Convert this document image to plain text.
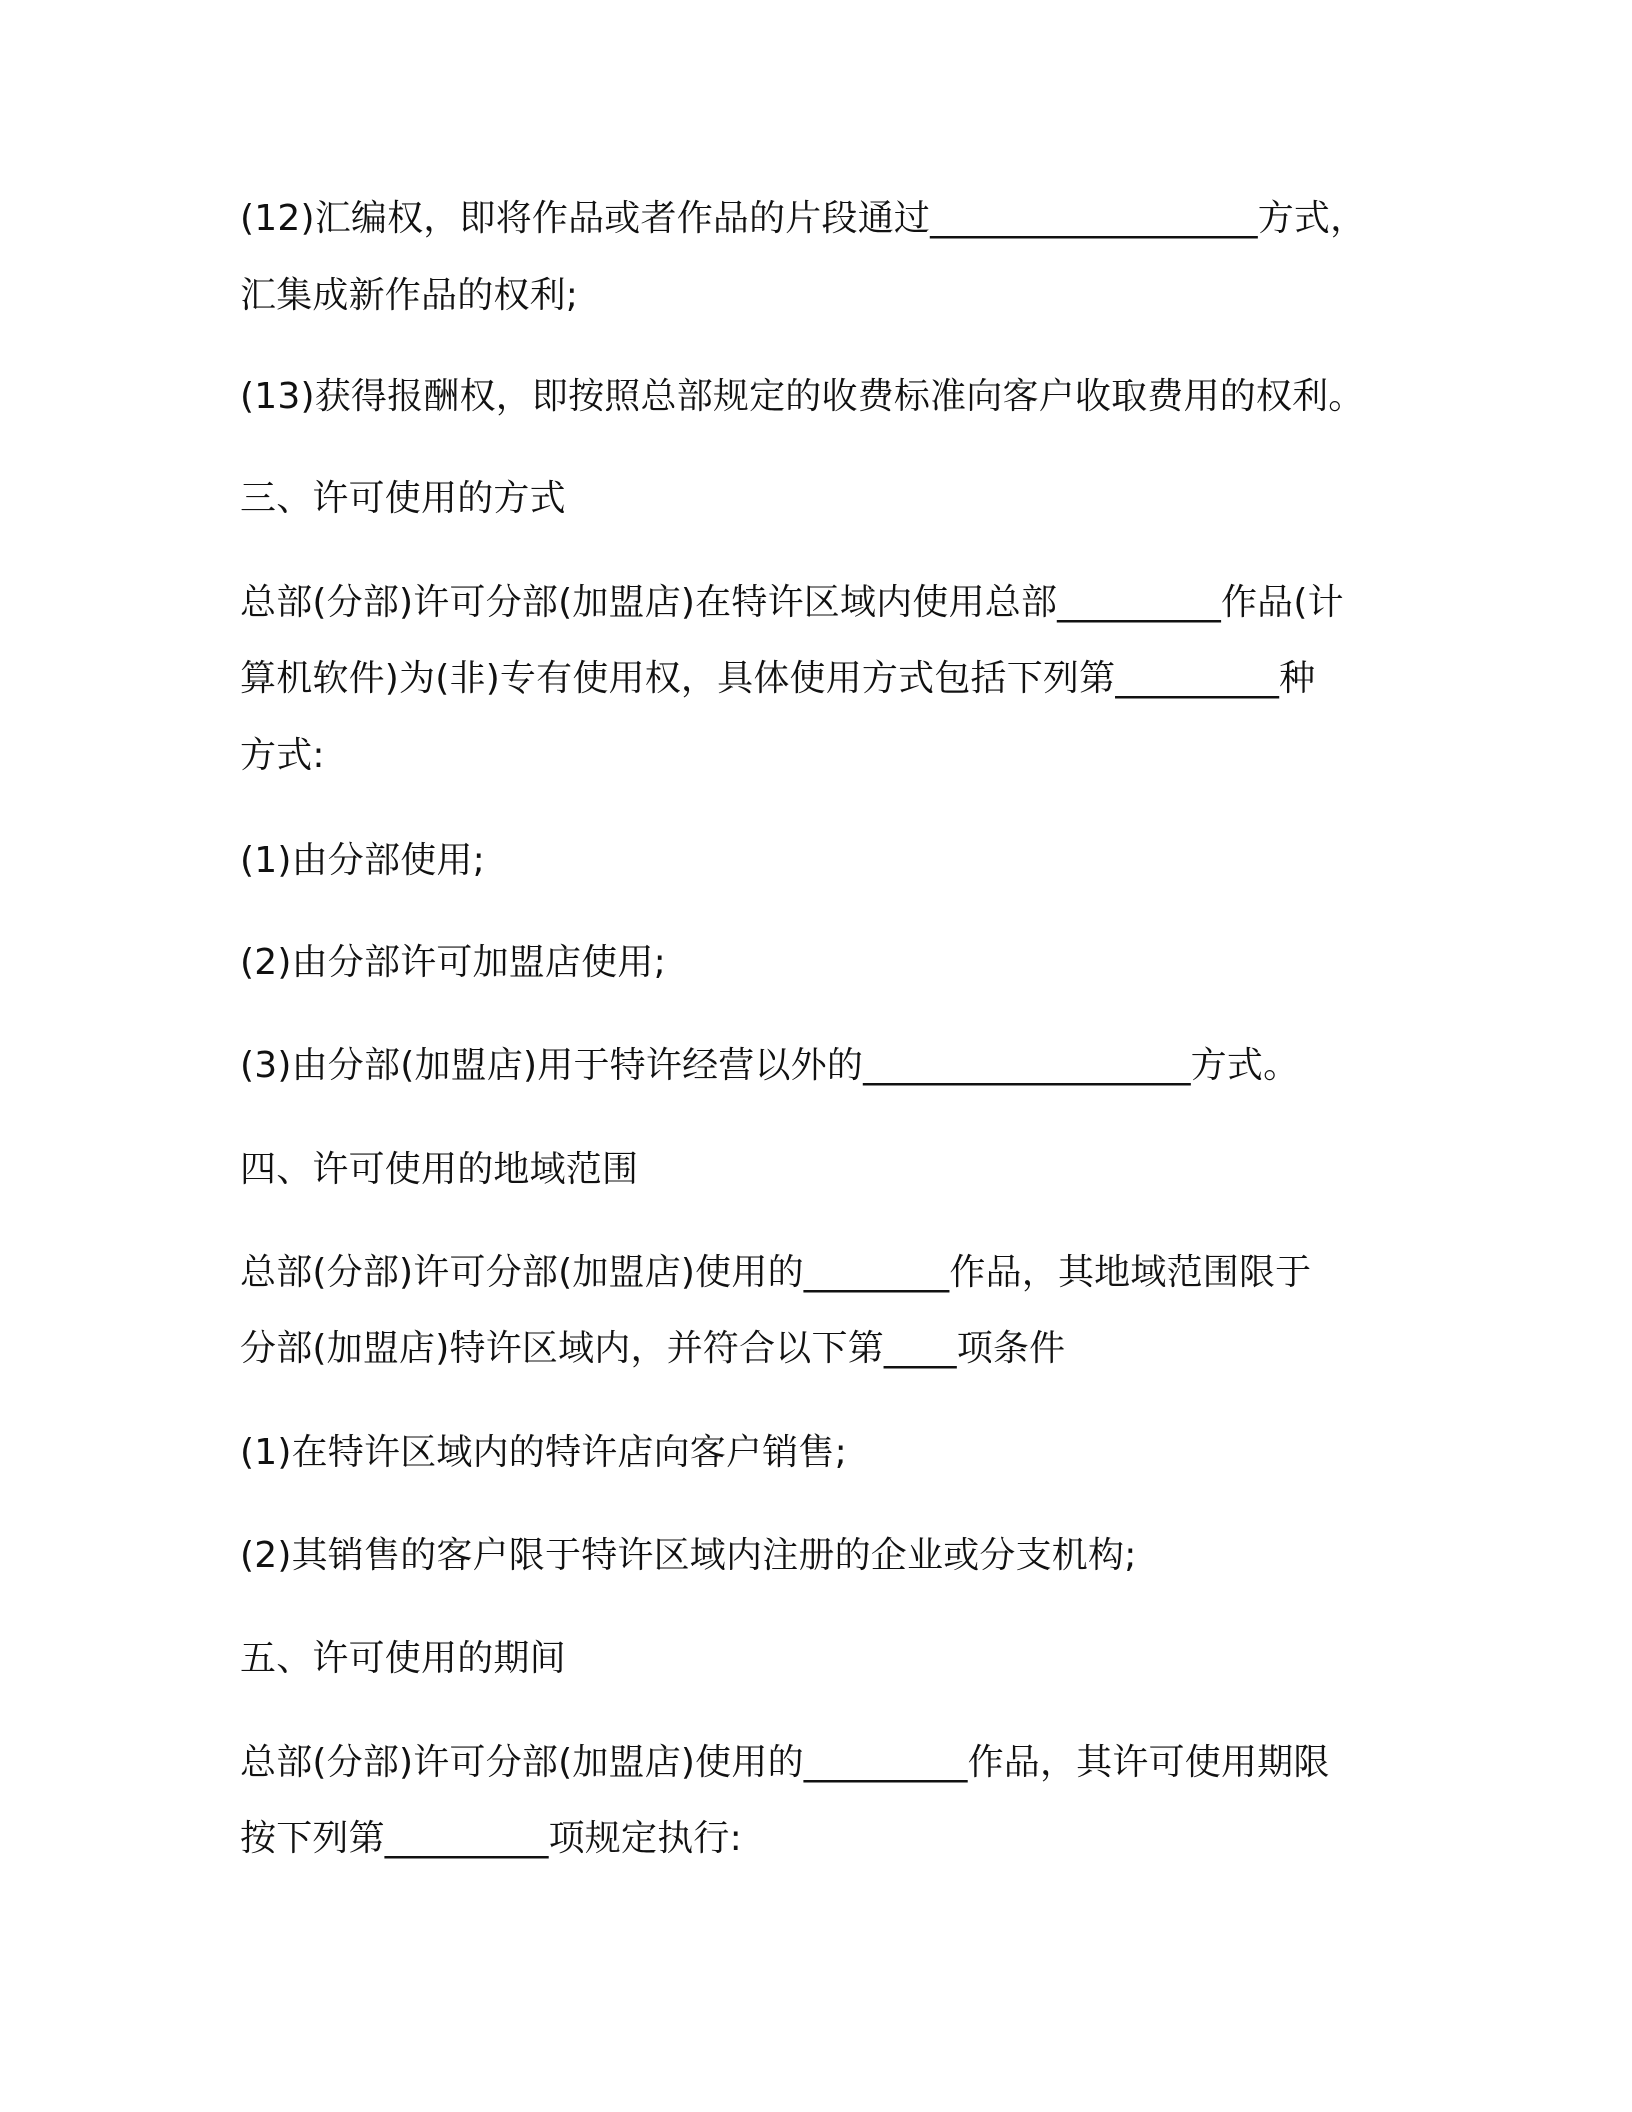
(12)汇编权，即将作品或者作品的片段通过__________________方式，
汇集成新作品的权利;
(13)获得报酬权，即按照总部规定的收费标准向客户收取费用的权利。
三、许可使用的方式
总部(分部)许可分部(加盟店)在特许区域内使用总部_________作品(计
算机软件)为(非)专有使用权，具体使用方式包括下列第_________种
方式:
(1)由分部使用;
(2)由分部许可加盟店使用;
(3)由分部(加盟店)用于特许经营以外的__________________方式。
四、许可使用的地域范围
总部(分部)许可分部(加盟店)使用的________作品，其地域范围限于
分部(加盟店)特许区域内，并符合以下第____项条件
(1)在特许区域内的特许店向客户销售;
(2)其销售的客户限于特许区域内注册的企业或分支机构;
五、许可使用的期间
总部(分部)许可分部(加盟店)使用的_________作品，其许可使用期限
按下列第_________项规定执行:
